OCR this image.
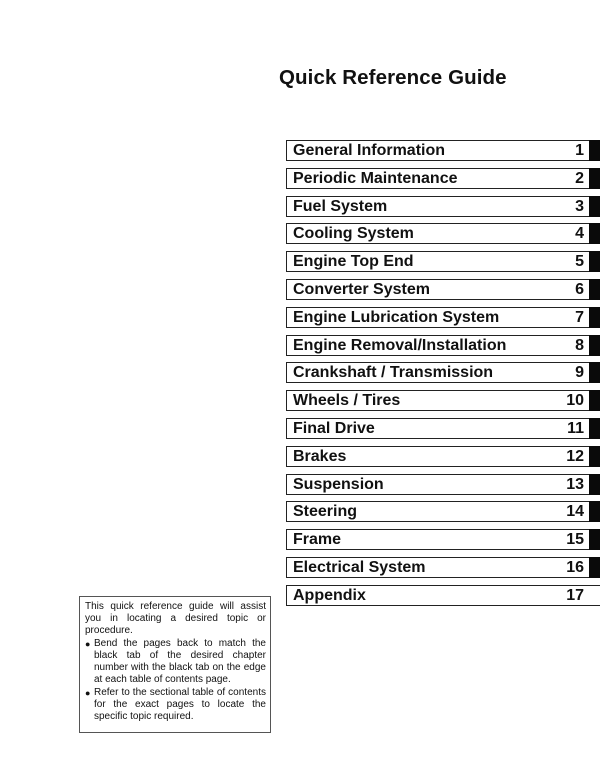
Quick Reference Guide
General Information	1
Periodic Maintenance	2
Fuel System	3
Cooling System	4
Engine Top End	5
Converter System	6
Engine Lubrication System	7
Engine Removal/Installation	8
Crankshaft / Transmission	9
Wheels / Tires	10
Final Drive	11
Brakes	12
Suspension	13
Steering	14
Frame	15
Electrical System	16
Appendix	17
This quick reference guide will assist you in locating a desired topic or procedure.
● Bend the pages back to match the black tab of the desired chapter number with the black tab on the edge at each table of contents page.
● Refer to the sectional table of contents for the exact pages to locate the specific topic required.
